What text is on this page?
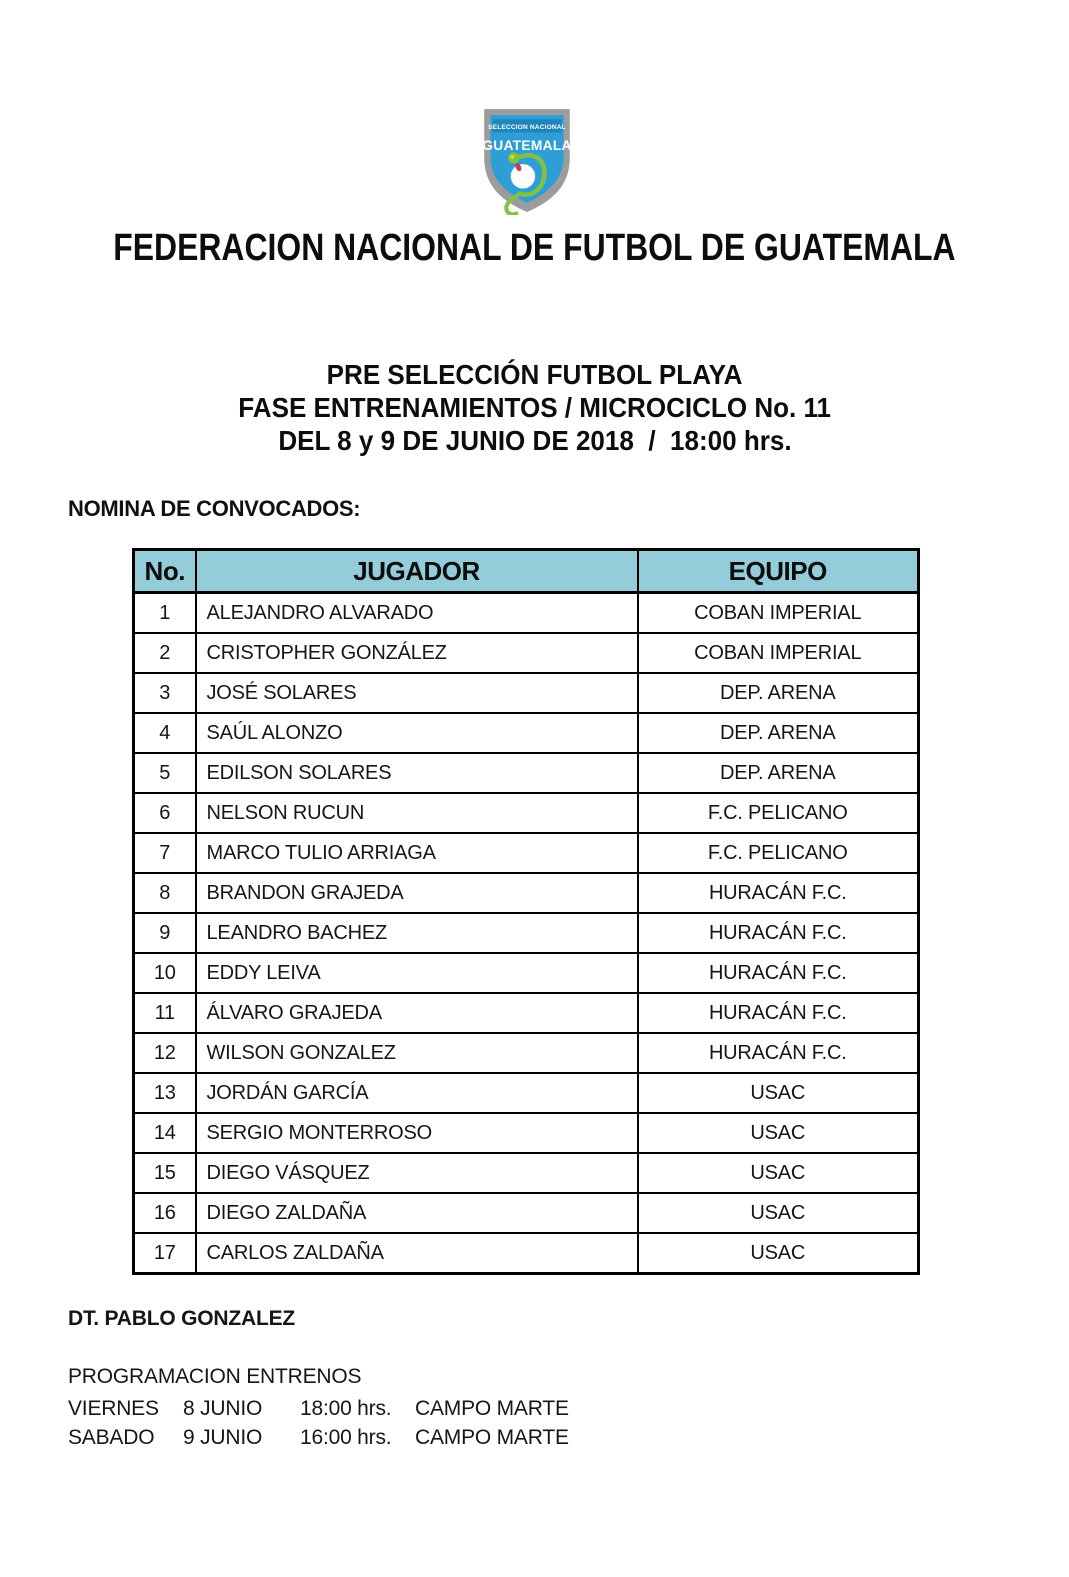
SELECCION NACIONAL
GUATEMALA
FEDERACION NACIONAL DE FUTBOL DE GUATEMALA
PRE SELECCIÓN FUTBOL PLAYA
FASE ENTRENAMIENTOS / MICROCICLO No. 11
DEL 8 y 9 DE JUNIO DE 2018  /  18:00 hrs.
NOMINA DE CONVOCADOS:
No.	JUGADOR	EQUIPO
1	ALEJANDRO ALVARADO	COBAN IMPERIAL
2	CRISTOPHER GONZÁLEZ	COBAN IMPERIAL
3	JOSÉ SOLARES	DEP. ARENA
4	SAÚL ALONZO	DEP. ARENA
5	EDILSON SOLARES	DEP. ARENA
6	NELSON RUCUN	F.C. PELICANO
7	MARCO TULIO ARRIAGA	F.C. PELICANO
8	BRANDON GRAJEDA	HURACÁN F.C.
9	LEANDRO BACHEZ	HURACÁN F.C.
10	EDDY LEIVA	HURACÁN F.C.
11	ÁLVARO GRAJEDA	HURACÁN F.C.
12	WILSON GONZALEZ	HURACÁN F.C.
13	JORDÁN GARCÍA	USAC
14	SERGIO MONTERROSO	USAC
15	DIEGO VÁSQUEZ	USAC
16	DIEGO ZALDAÑA	USAC
17	CARLOS ZALDAÑA	USAC
DT. PABLO GONZALEZ
PROGRAMACION ENTRENOS
VIERNES	8 JUNIO	18:00 hrs.	CAMPO MARTE
SABADO	9 JUNIO	16:00 hrs.	CAMPO MARTE
